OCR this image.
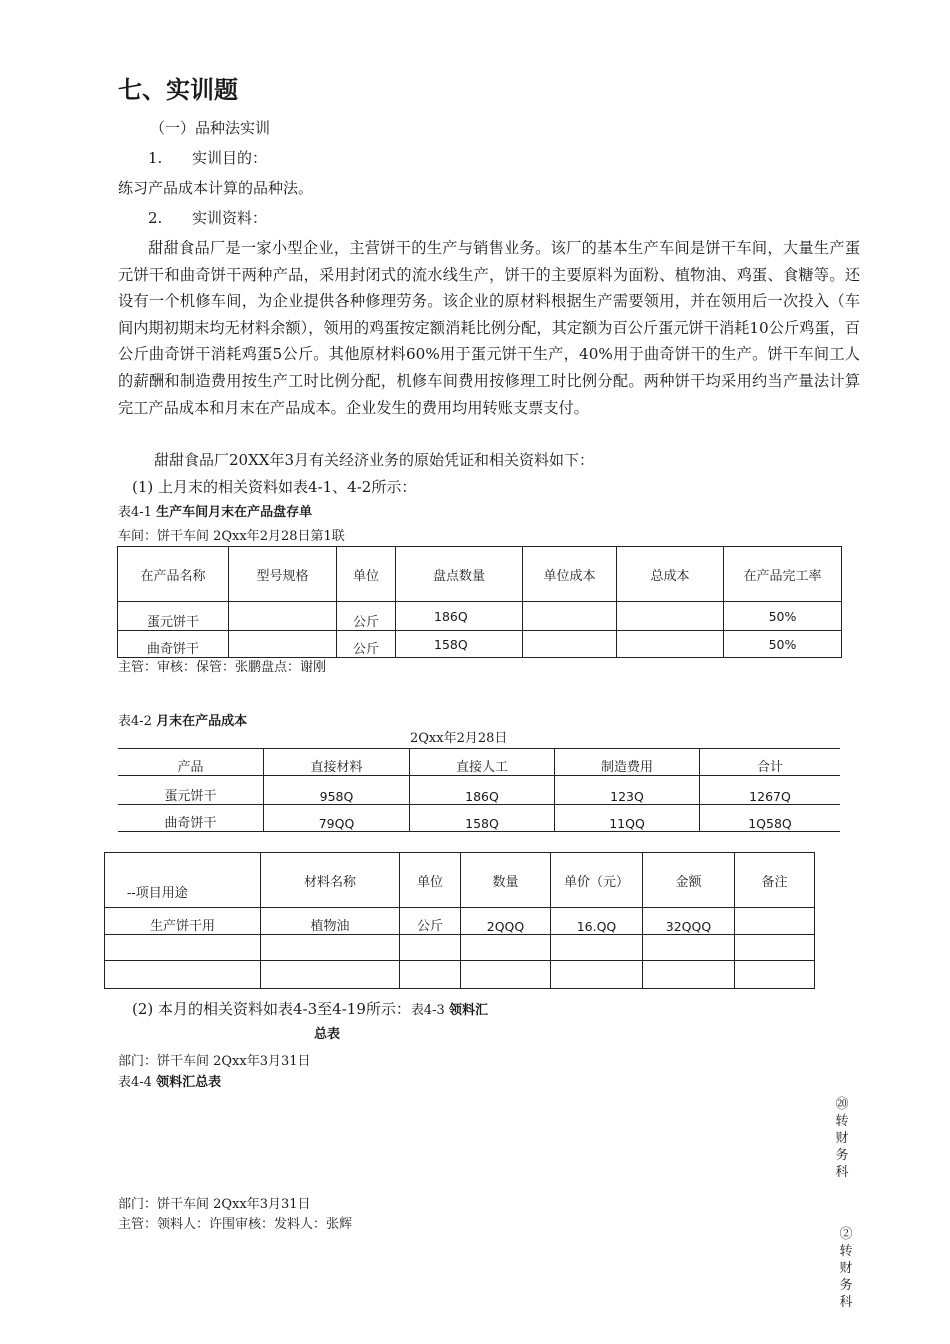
七、实训题
（一）品种法实训
1. 实训目的：
练习产品成本计算的品种法。
2. 实训资料：

甜甜食品厂是一家小型企业，主营饼干的生产与销售业务。该厂的基本生产车间是饼干车间，大量生产蛋元饼干和曲奇饼干两种产品，采用封闭式的流水线生产，饼干的主要原料为面粉、植物油、鸡蛋、食糖等。还设有一个机修车间，为企业提供各种修理劳务。该企业的原材料根据生产需要领用，并在领用后一次投入（车间内期初期末均无材料余额），领用的鸡蛋按定额消耗比例分配，其定额为百公斤蛋元饼干消耗10公斤鸡蛋，百公斤曲奇饼干消耗鸡蛋5公斤。其他原材料60%用于蛋元饼干生产，40%用于曲奇饼干的生产。饼干车间工人的薪酬和制造费用按生产工时比例分配，机修车间费用按修理工时比例分配。两种饼干均采用约当产量法计算完工产品成本和月末在产品成本。企业发生的费用均用转账支票支付。

甜甜食品厂20XX年3月有关经济业务的原始凭证和相关资料如下：
(1) 上月末的相关资料如表4-1、4-2所示：
表4-1 生产车间月末在产品盘存单
车间：饼干车间 2Qxx年2月28日第1联
在产品名称	型号规格	单位	盘点数量	单位成本	总成本	在产品完工率
蛋元饼干		公斤	186Q			50%
曲奇饼干		公斤	158Q			50%
主管：审核：保管：张鹏盘点：谢刚
表4-2 月末在产品成本
2Qxx年2月28日
产品	直接材料	直接人工	制造费用	合计
蛋元饼干	958Q	186Q	123Q	1267Q
曲奇饼干	79QQ	158Q	11QQ	1Q58Q
--项目用途	材料名称	单位	数量	单价（元）	金额	备注
生产饼干用	植物油	公斤	2QQQ	16.QQ	32QQQ	

(2) 本月的相关资料如表4-3至4-19所示：表4-3 领料汇
总表
部门：饼干车间 2Qxx年3月31日
表4-4 领料汇总表
部门：饼干车间 2Qxx年3月31日
主管：领料人：许围审核：发料人：张辉
⑳转财务科
②转财务科
